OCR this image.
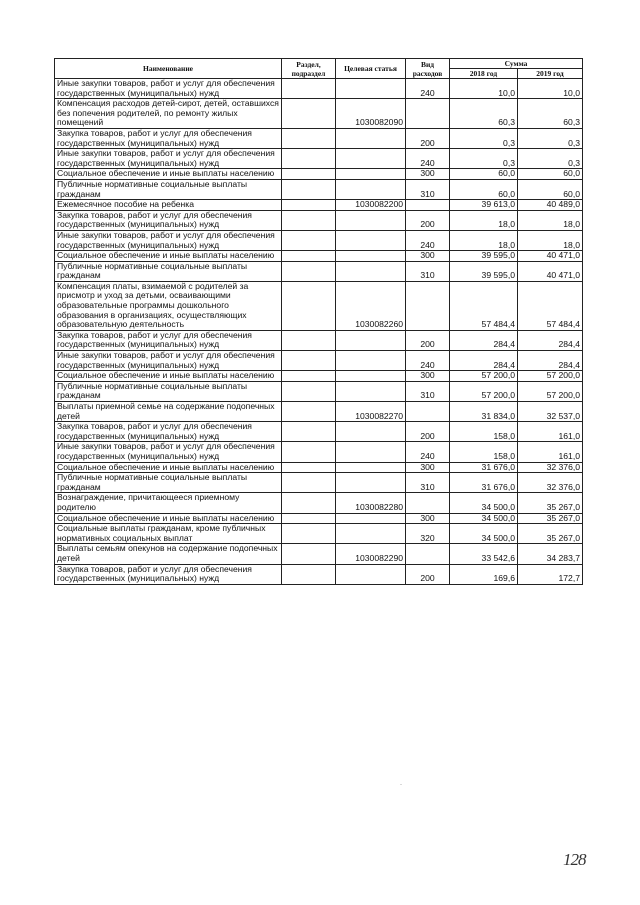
Наименование	Раздел, подраздел	Целевая статья	Вид расходов	Сумма	
				2018 год	2019 год
Иные закупки товаров, работ и услуг для обеспечения государственных (муниципальных) нужд			240	10,0	10,0
Компенсация расходов детей-сирот, детей, оставшихся без попечения родителей, по ремонту жилых помещений		1030082090		60,3	60,3
Закупка товаров, работ и услуг для обеспечения государственных (муниципальных) нужд			200	0,3	0,3
Иные закупки товаров, работ и услуг для обеспечения государственных (муниципальных) нужд			240	0,3	0,3
Социальное обеспечение и иные выплаты населению			300	60,0	60,0
Публичные нормативные социальные выплаты гражданам			310	60,0	60,0
Ежемесячное пособие на ребенка		1030082200		39 613,0	40 489,0
Закупка товаров, работ и услуг для обеспечения государственных (муниципальных) нужд			200	18,0	18,0
Иные закупки товаров, работ и услуг для обеспечения государственных (муниципальных) нужд			240	18,0	18,0
Социальное обеспечение и иные выплаты населению			300	39 595,0	40 471,0
Публичные нормативные социальные выплаты гражданам			310	39 595,0	40 471,0
Компенсация платы, взимаемой с родителей за присмотр и уход за детьми, осваивающими образовательные программы дошкольного образования в организациях, осуществляющих образовательную деятельность		1030082260		57 484,4	57 484,4
Закупка товаров, работ и услуг для обеспечения государственных (муниципальных) нужд			200	284,4	284,4
Иные закупки товаров, работ и услуг для обеспечения государственных (муниципальных) нужд			240	284,4	284,4
Социальное обеспечение и иные выплаты населению			300	57 200,0	57 200,0
Публичные нормативные социальные выплаты гражданам			310	57 200,0	57 200,0
Выплаты приемной семье на содержание подопечных детей		1030082270		31 834,0	32 537,0
Закупка товаров, работ и услуг для обеспечения государственных (муниципальных) нужд			200	158,0	161,0
Иные закупки товаров, работ и услуг для обеспечения государственных (муниципальных) нужд			240	158,0	161,0
Социальное обеспечение и иные выплаты населению			300	31 676,0	32 376,0
Публичные нормативные социальные выплаты гражданам			310	31 676,0	32 376,0
Вознаграждение, причитающееся приемному родителю		1030082280		34 500,0	35 267,0
Социальное обеспечение и иные выплаты населению			300	34 500,0	35 267,0
Социальные выплаты гражданам, кроме публичных нормативных социальных выплат			320	34 500,0	35 267,0
Выплаты семьям опекунов на содержание подопечных детей		1030082290		33 542,6	34 283,7
Закупка товаров, работ и услуг для обеспечения государственных (муниципальных) нужд			200	169,6	172,7
·
128
